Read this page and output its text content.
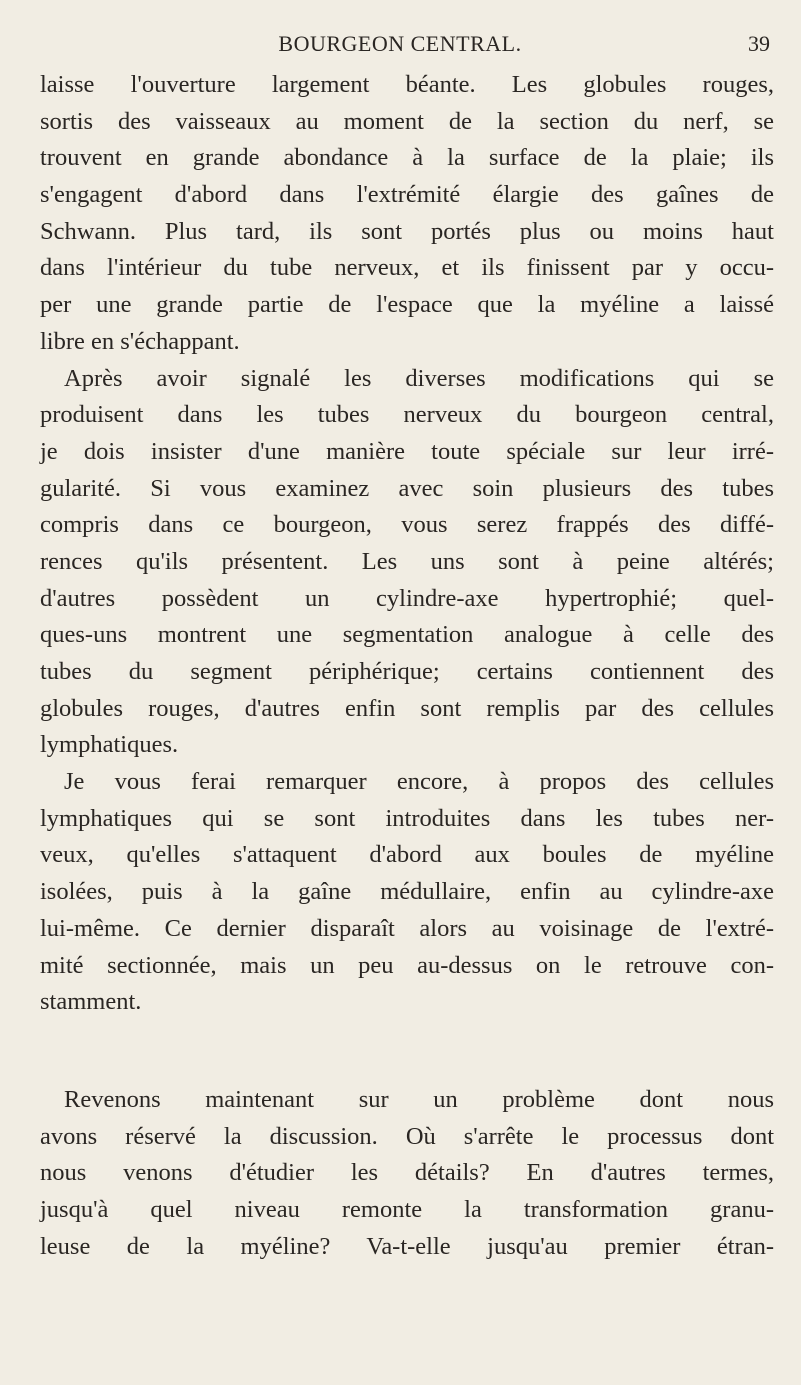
BOURGEON CENTRAL.	39
laisse l'ouverture largement béante. Les globules rouges,
sortis des vaisseaux au moment de la section du nerf, se
trouvent en grande abondance à la surface de la plaie; ils
s'engagent d'abord dans l'extrémité élargie des gaînes de
Schwann. Plus tard, ils sont portés plus ou moins haut
dans l'intérieur du tube nerveux, et ils finissent par y occu-
per une grande partie de l'espace que la myéline a laissé
libre en s'échappant.
Après avoir signalé les diverses modifications qui se
produisent dans les tubes nerveux du bourgeon central,
je dois insister d'une manière toute spéciale sur leur irré-
gularité. Si vous examinez avec soin plusieurs des tubes
compris dans ce bourgeon, vous serez frappés des diffé-
rences qu'ils présentent. Les uns sont à peine altérés;
d'autres possèdent un cylindre-axe hypertrophié; quel-
ques-uns montrent une segmentation analogue à celle des
tubes du segment périphérique; certains contiennent des
globules rouges, d'autres enfin sont remplis par des cellules
lymphatiques.
Je vous ferai remarquer encore, à propos des cellules
lymphatiques qui se sont introduites dans les tubes ner-
veux, qu'elles s'attaquent d'abord aux boules de myéline
isolées, puis à la gaîne médullaire, enfin au cylindre-axe
lui-même. Ce dernier disparaît alors au voisinage de l'extré-
mité sectionnée, mais un peu au-dessus on le retrouve con-
stamment.
Revenons maintenant sur un problème dont nous
avons réservé la discussion. Où s'arrête le processus dont
nous venons d'étudier les détails? En d'autres termes,
jusqu'à quel niveau remonte la transformation granu-
leuse de la myéline? Va-t-elle jusqu'au premier étran-
